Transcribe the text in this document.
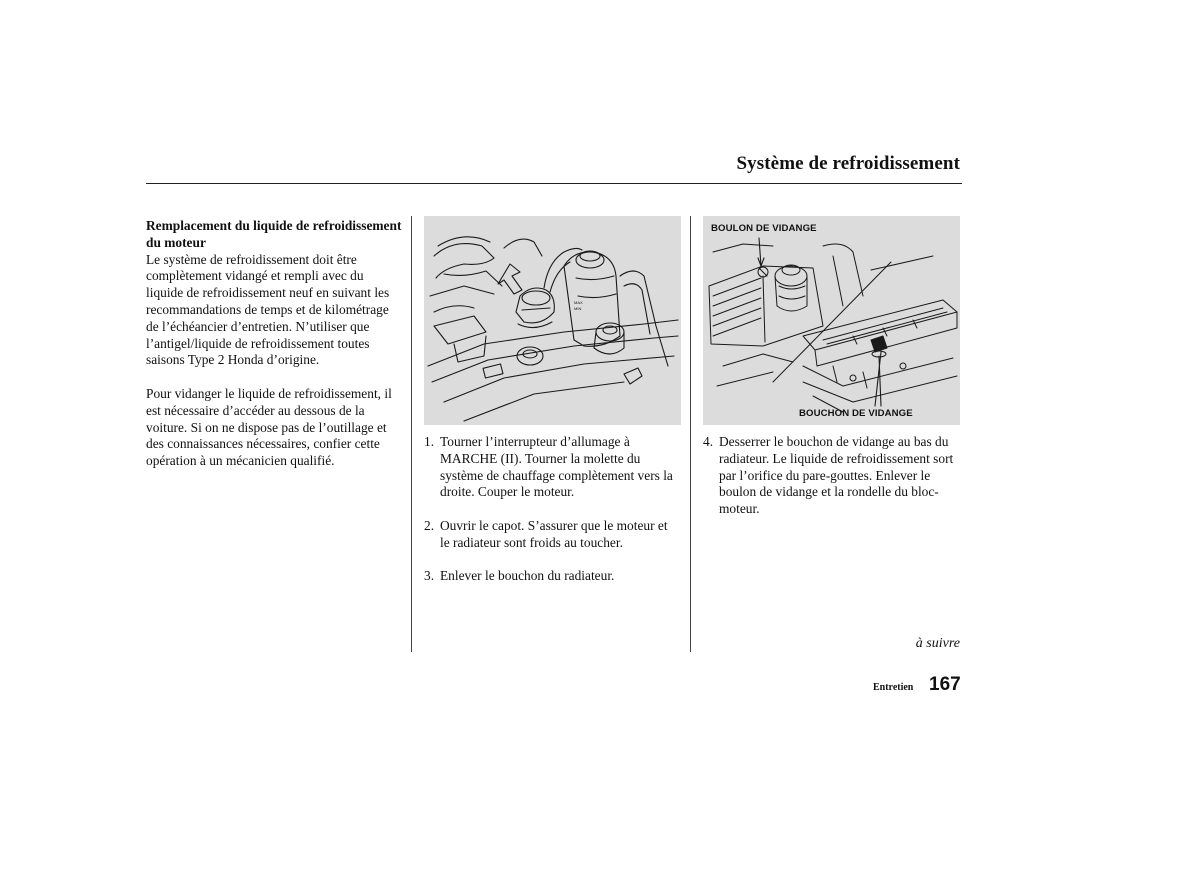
Système de refroidissement
Remplacement du liquide de refroidissement du moteur

Le système de refroidissement doit être complètement vidangé et rempli avec du liquide de refroidissement neuf en suivant les recommandations de temps et de kilométrage de l’échéancier d’entretien. N’utiliser que l’antigel/liquide de refroidissement toutes saisons Type 2 Honda d’origine.

Pour vidanger le liquide de refroidissement, il est nécessaire d’accéder au dessous de la voiture. Si on ne dispose pas de l’outillage et des connaissances nécessaires, confier cette opération à un mécanicien qualifié.

MAX
MIN
BOULON DE VIDANGE
BOUCHON DE VIDANGE
1. Tourner l’interrupteur d’allumage à MARCHE (II). Tourner la molette du système de chauffage complètement vers la droite. Couper le moteur.
2. Ouvrir le capot. S’assurer que le moteur et le radiateur sont froids au toucher.
3. Enlever le bouchon du radiateur.
4. Desserrer le bouchon de vidange au bas du radiateur. Le liquide de refroidissement sort par l’orifice du pare-gouttes. Enlever le boulon de vidange et la rondelle du bloc-moteur.
à suivre
Entretien 167
